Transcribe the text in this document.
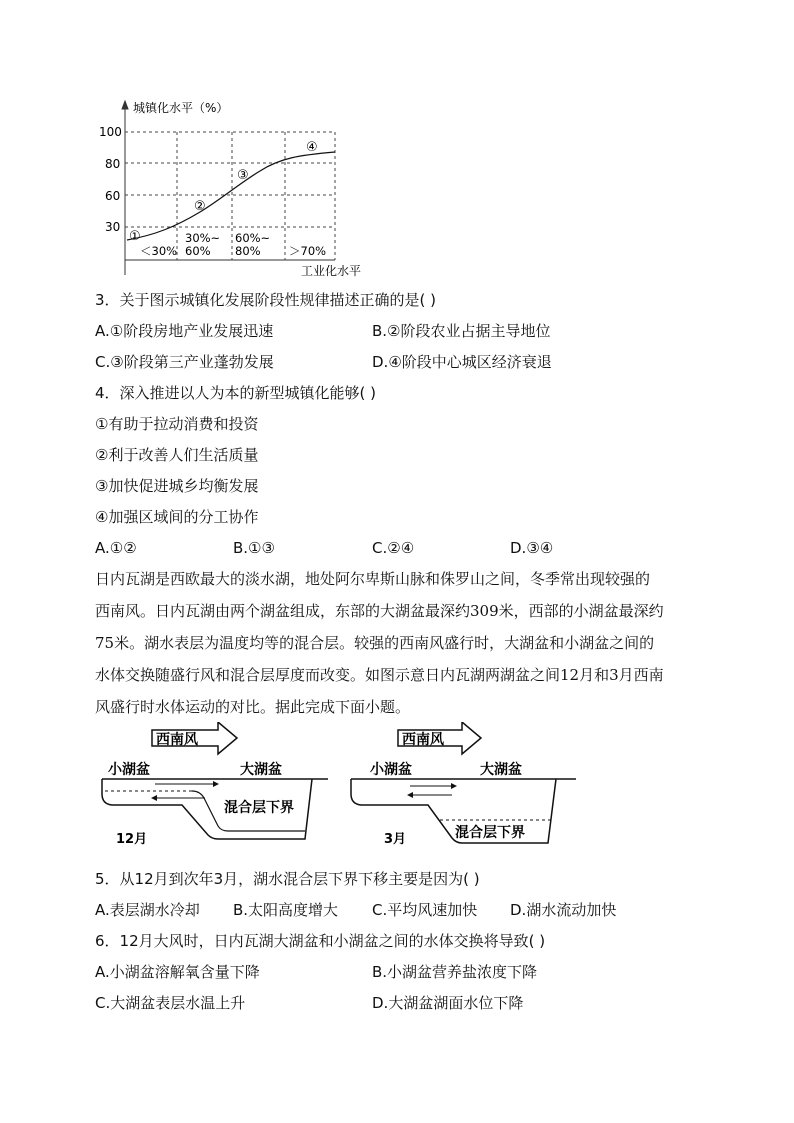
城镇化水平（%）
100
80
60
30
①
②
③
④
＜30%
30%~
60%
60%~
80% ＞70%
工业化水平
3．关于图示城镇化发展阶段性规律描述正确的是( )
A.①阶段房地产业发展迅速	B.②阶段农业占据主导地位
C.③阶段第三产业蓬勃发展	D.④阶段中心城区经济衰退
4．深入推进以人为本的新型城镇化能够( )
①有助于拉动消费和投资
②利于改善人们生活质量
③加快促进城乡均衡发展
④加强区域间的分工协作
A.①②	B.①③	C.②④	D.③④
日内瓦湖是西欧最大的淡水湖，地处阿尔卑斯山脉和侏罗山之间，冬季常出现较强的
西南风。日内瓦湖由两个湖盆组成，东部的大湖盆最深约309米，西部的小湖盆最深约
75米。湖水表层为温度均等的混合层。较强的西南风盛行时，大湖盆和小湖盆之间的
水体交换随盛行风和混合层厚度而改变。如图示意日内瓦湖两湖盆之间12月和3月西南
风盛行时水体运动的对比。据此完成下面小题。
西南风
小湖盆	大湖盆
混合层下界
12月
西南风
小湖盆	大湖盆
混合层下界
3月
5．从12月到次年3月，湖水混合层下界下移主要是因为( )
A.表层湖水冷却 B.太阳高度增大 C.平均风速加快 D.湖水流动加快
6．12月大风时，日内瓦湖大湖盆和小湖盆之间的水体交换将导致( )
A.小湖盆溶解氧含量下降	B.小湖盆营养盐浓度下降
C.大湖盆表层水温上升	D.大湖盆湖面水位下降
